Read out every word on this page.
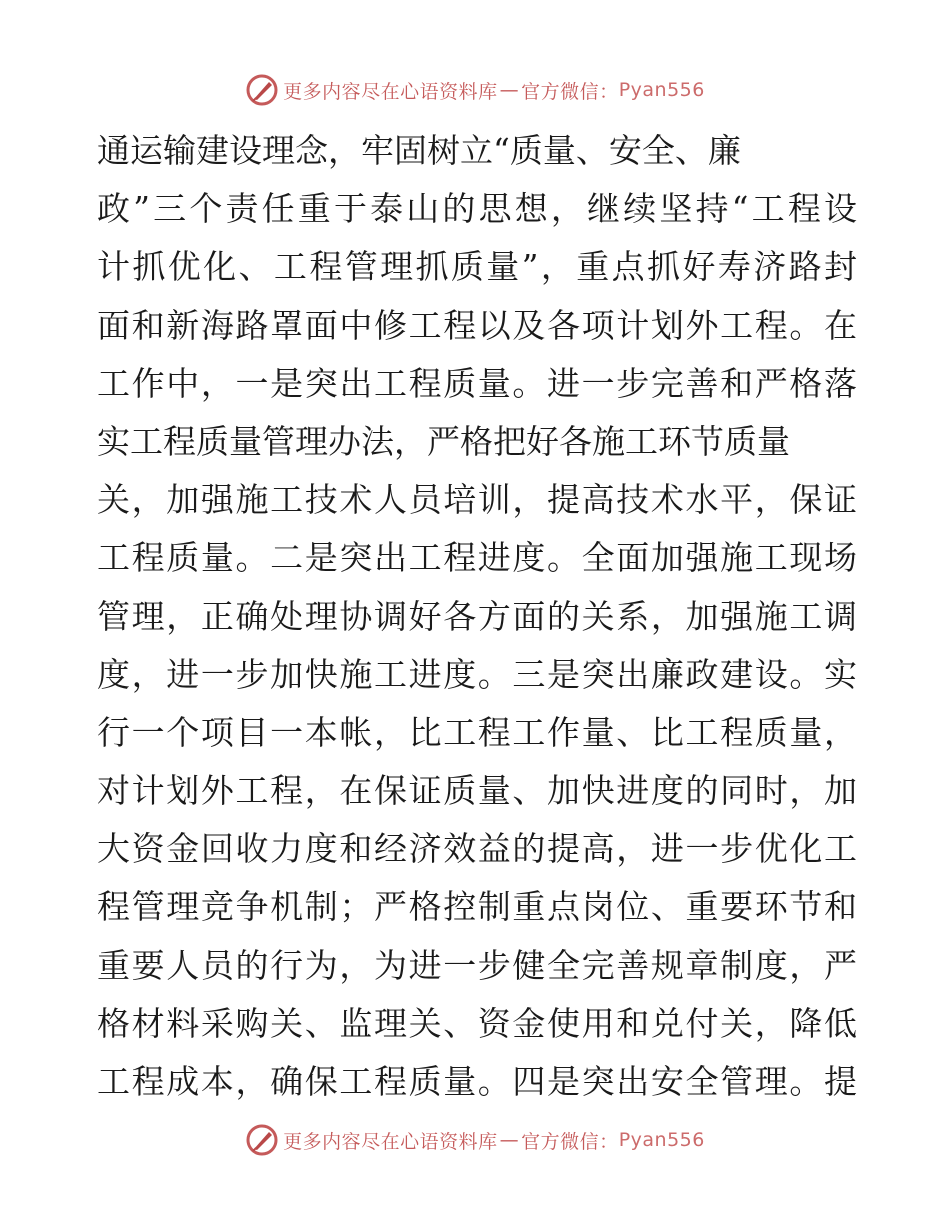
更多内容尽在心语资料库 — 官方微信： Pyan556
通运输建设理念，牢固树立“质量、安全、廉
政”三个责任重于泰山的思想，继续坚持“工程设
计抓优化、工程管理抓质量”，重点抓好寿济路封
面和新海路罩面中修工程以及各项计划外工程。在
工作中，一是突出工程质量。进一步完善和严格落
实工程质量管理办法，严格把好各施工环节质量
关，加强施工技术人员培训，提高技术水平，保证
工程质量。二是突出工程进度。全面加强施工现场
管理，正确处理协调好各方面的关系，加强施工调
度，进一步加快施工进度。三是突出廉政建设。实
行一个项目一本帐，比工程工作量、比工程质量，
对计划外工程，在保证质量、加快进度的同时，加
大资金回收力度和经济效益的提高，进一步优化工
程管理竞争机制；严格控制重点岗位、重要环节和
重要人员的行为，为进一步健全完善规章制度，严
格材料采购关、监理关、资金使用和兑付关，降低
工程成本，确保工程质量。四是突出安全管理。提
更多内容尽在心语资料库 — 官方微信： Pyan556
